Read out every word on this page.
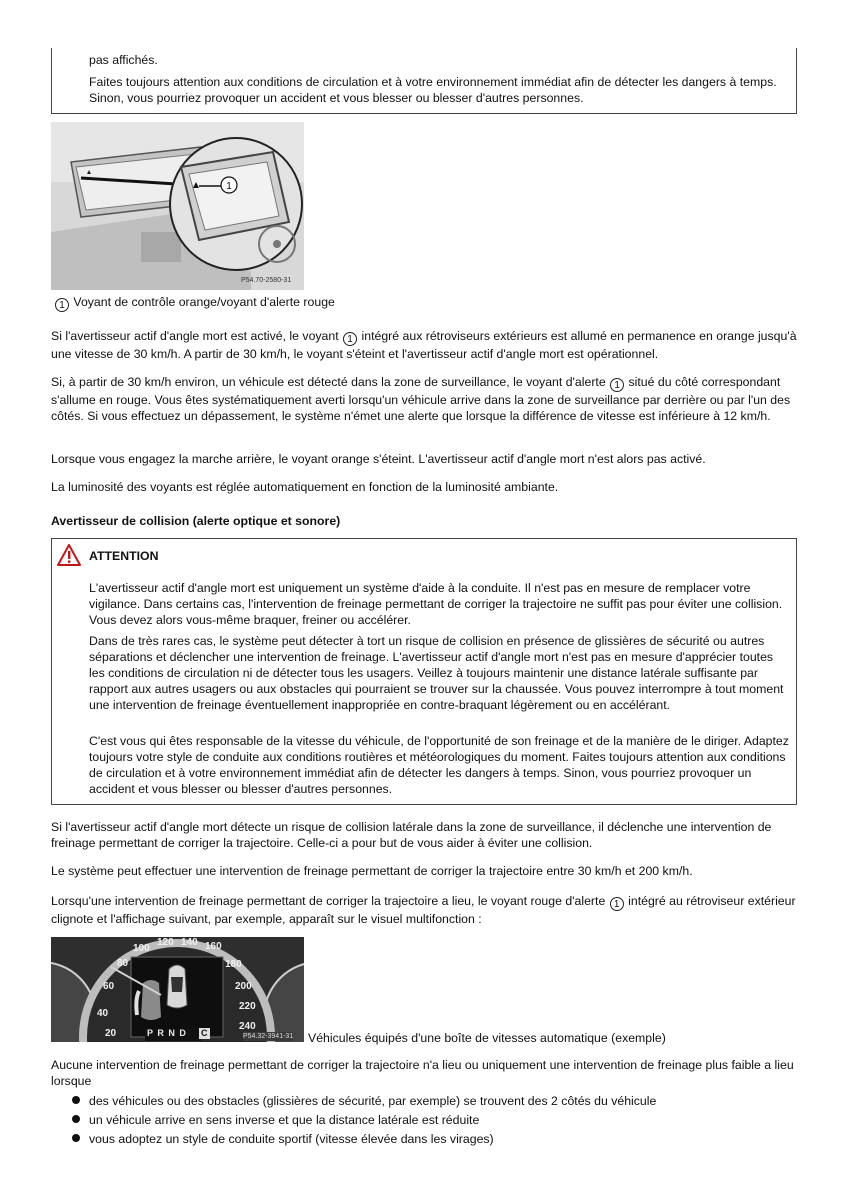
pas affichés.

Faites toujours attention aux conditions de circulation et à votre environnement immédiat afin de détecter les dangers à temps. Sinon, vous pourriez provoquer un accident et vous blesser ou blesser d'autres personnes.

1
P54.70-2580-31

1 Voyant de contrôle orange/voyant d'alerte rouge

Si l'avertisseur actif d'angle mort est activé, le voyant 1 intégré aux rétroviseurs extérieurs est allumé en permanence en orange jusqu'à une vitesse de 30 km/h. A partir de 30 km/h, le voyant s'éteint et l'avertisseur actif d'angle mort est opérationnel.

Si, à partir de 30 km/h environ, un véhicule est détecté dans la zone de surveillance, le voyant d'alerte 1 situé du côté correspondant s'allume en rouge. Vous êtes systématiquement averti lorsqu'un véhicule arrive dans la zone de surveillance par derrière ou par l'un des côtés. Si vous effectuez un dépassement, le système n'émet une alerte que lorsque la différence de vitesse est inférieure à 12 km/h.

Lorsque vous engagez la marche arrière, le voyant orange s'éteint. L'avertisseur actif d'angle mort n'est alors pas activé.

La luminosité des voyants est réglée automatiquement en fonction de la luminosité ambiante.

Avertisseur de collision (alerte optique et sonore)
ATTENTION

L'avertisseur actif d'angle mort est uniquement un système d'aide à la conduite. Il n'est pas en mesure de remplacer votre vigilance. Dans certains cas, l'intervention de freinage permettant de corriger la trajectoire ne suffit pas pour éviter une collision. Vous devez alors vous-même braquer, freiner ou accélérer.

Dans de très rares cas, le système peut détecter à tort un risque de collision en présence de glissières de sécurité ou autres séparations et déclencher une intervention de freinage. L'avertisseur actif d'angle mort n'est pas en mesure d'apprécier toutes les conditions de circulation ni de détecter tous les usagers. Veillez à toujours maintenir une distance latérale suffisante par rapport aux autres usagers ou aux obstacles qui pourraient se trouver sur la chaussée. Vous pouvez interrompre à tout moment une intervention de freinage éventuellement inappropriée en contre-braquant légèrement ou en accélérant.

C'est vous qui êtes responsable de la vitesse du véhicule, de l'opportunité de son freinage et de la manière de le diriger. Adaptez toujours votre style de conduite aux conditions routières et météorologiques du moment. Faites toujours attention aux conditions de circulation et à votre environnement immédiat afin de détecter les dangers à temps. Sinon, vous pourriez provoquer un accident et vous blesser ou blesser d'autres personnes.

Si l'avertisseur actif d'angle mort détecte un risque de collision latérale dans la zone de surveillance, il déclenche une intervention de freinage permettant de corriger la trajectoire. Celle-ci a pour but de vous aider à éviter une collision.

Le système peut effectuer une intervention de freinage permettant de corriger la trajectoire entre 30 km/h et 200 km/h.

Lorsqu'une intervention de freinage permettant de corriger la trajectoire a lieu, le voyant rouge d'alerte 1 intégré au rétroviseur extérieur clignote et l'affichage suivant, par exemple, apparaît sur le visuel multifonction :

P R N D C
20
40
60
80
100
120 140 160
180
200
220
240
P54.32-3941-31 Véhicules équipés d'une boîte de vitesses automatique (exemple)

Aucune intervention de freinage permettant de corriger la trajectoire n'a lieu ou uniquement une intervention de freinage plus faible a lieu lorsque

des véhicules ou des obstacles (glissières de sécurité, par exemple) se trouvent des 2 côtés du véhicule
un véhicule arrive en sens inverse et que la distance latérale est réduite
vous adoptez un style de conduite sportif (vitesse élevée dans les virages)
